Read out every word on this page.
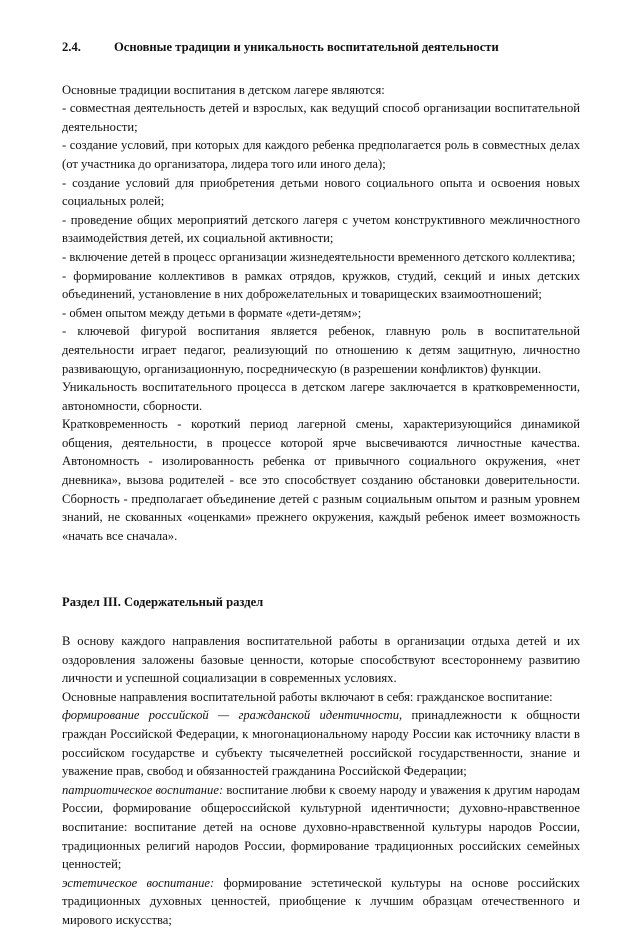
2.4.	Основные традиции и уникальность воспитательной деятельности

Основные традиции воспитания в детском лагере являются:

- совместная деятельность детей и взрослых, как ведущий способ организации воспитательной деятельности;

- создание условий, при которых для каждого ребенка предполагается роль в совместных делах (от участника до организатора, лидера того или иного дела);

- создание условий для приобретения детьми нового социального опыта и освоения новых социальных ролей;

- проведение общих мероприятий детского лагеря с учетом конструктивного межличностного взаимодействия детей, их социальной активности;

- включение детей в процесс организации жизнедеятельности временного детского коллектива;

- формирование коллективов в рамках отрядов, кружков, студий, секций и иных детских объединений, установление в них доброжелательных и товарищеских взаимоотношений;

- обмен опытом между детьми в формате «дети-детям»;

- ключевой фигурой воспитания является ребенок, главную роль в воспитательной деятельности играет педагог, реализующий по отношению к детям защитную, личностно развивающую, организационную, посредническую (в разрешении конфликтов) функции.

Уникальность воспитательного процесса в детском лагере заключается в кратковременности, автономности, сборности.

Кратковременность - короткий период лагерной смены, характеризующийся динамикой общения, деятельности, в процессе которой ярче высвечиваются личностные качества. Автономность - изолированность ребенка от привычного социального окружения, «нет дневника», вызова родителей - все это способствует созданию обстановки доверительности. Сборность - предполагает объединение детей с разным социальным опытом и разным уровнем знаний, не скованных «оценками» прежнего окружения, каждый ребенок имеет возможность «начать все сначала».

Раздел III. Содержательный раздел

В основу каждого направления воспитательной работы в организации отдыха детей и их оздоровления заложены базовые ценности, которые способствуют всестороннему развитию личности и успешной социализации в современных условиях.

Основные направления воспитательной работы включают в себя: гражданское воспитание:

формирование российской — гражданской идентичности, принадлежности к общности граждан Российской Федерации, к многонациональному народу России как источнику власти в российском государстве и субъекту тысячелетней российской государственности, знание и уважение прав, свобод и обязанностей гражданина Российской Федерации;

патриотическое воспитание: воспитание любви к своему народу и уважения к другим народам России, формирование общероссийской культурной идентичности; духовно-нравственное воспитание: воспитание детей на основе духовно-нравственной культуры народов России, традиционных религий народов России, формирование традиционных российских семейных ценностей;

эстетическое воспитание: формирование эстетической культуры на основе российских традиционных духовных ценностей, приобщение к лучшим образцам отечественного и мирового искусства;
